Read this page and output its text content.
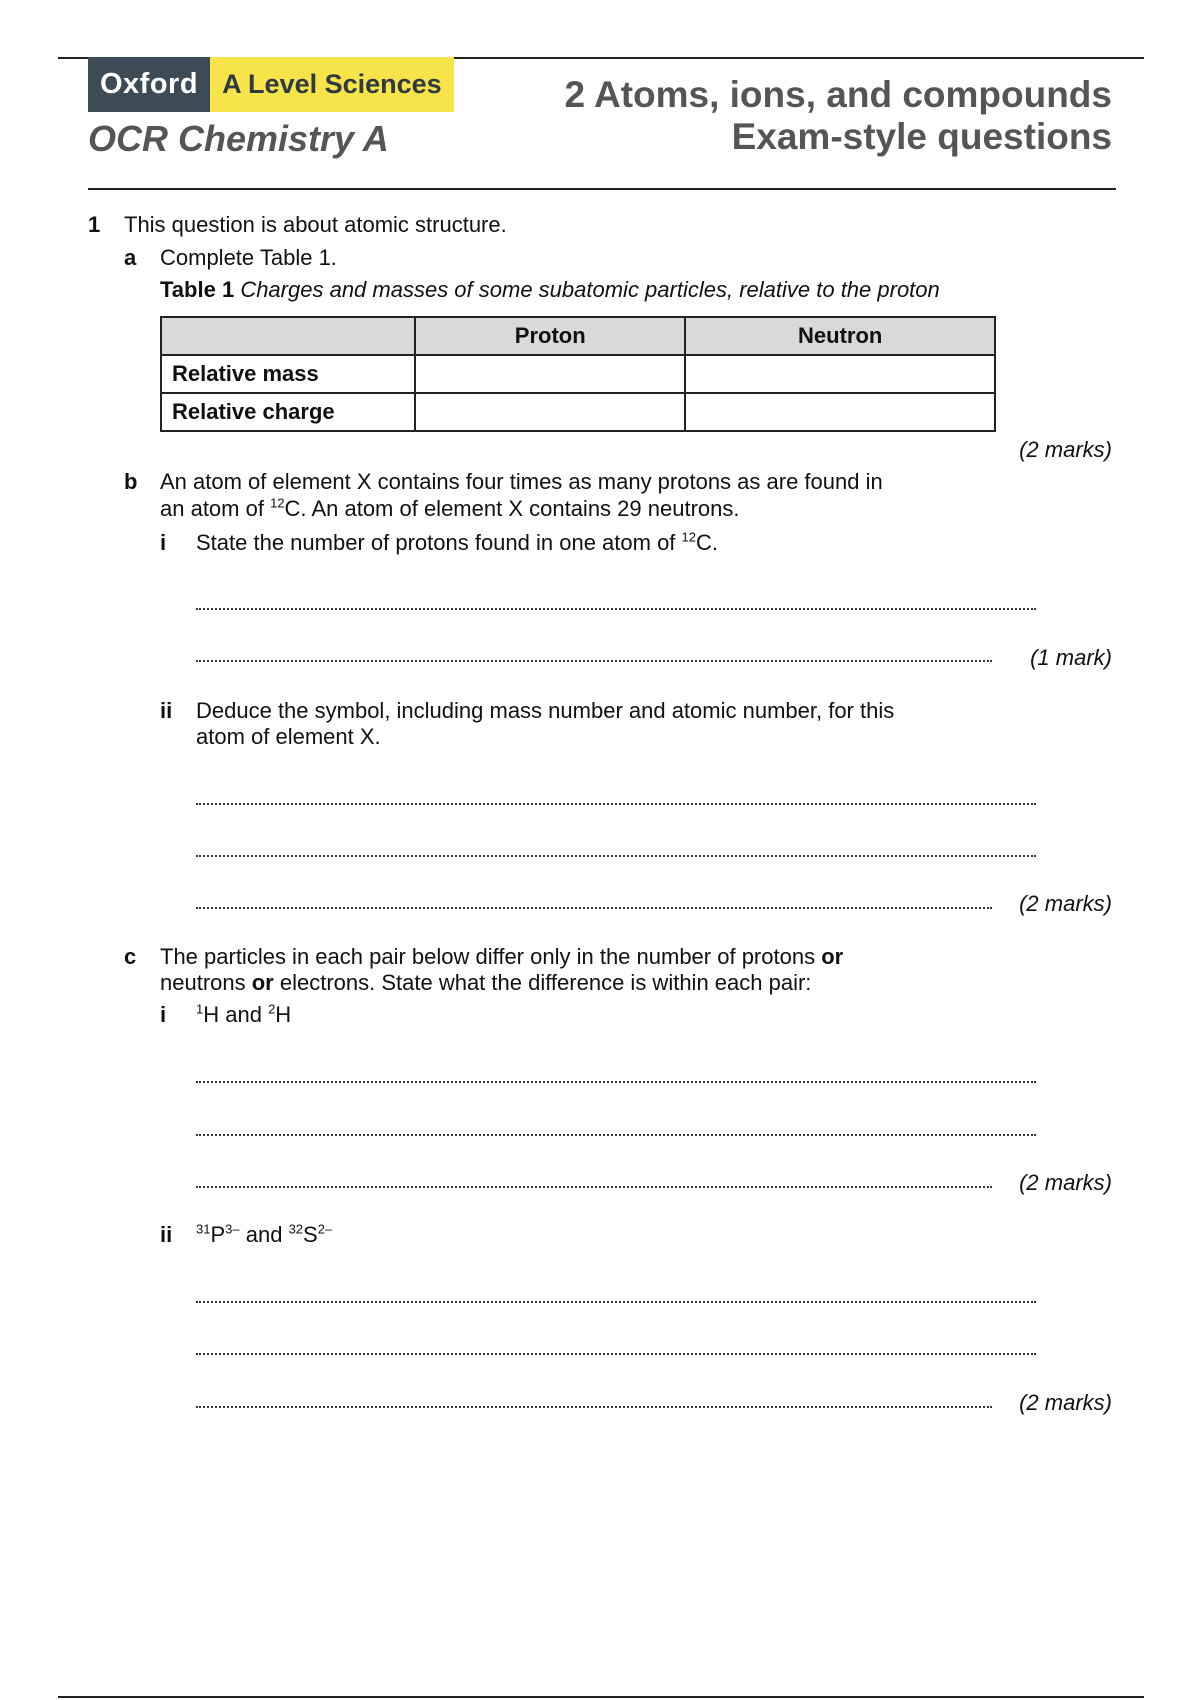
Oxford A Level Sciences
OCR Chemistry A
2 Atoms, ions, and compounds
Exam-style questions
1 This question is about atomic structure.
a Complete Table 1.
Table 1 Charges and masses of some subatomic particles, relative to the proton
	Proton	Neutron
Relative mass		
Relative charge		
(2 marks)
b An atom of element X contains four times as many protons as are found in
an atom of $^{12}$C. An atom of element X contains 29 neutrons.
i State the number of protons found in one atom of $^{12}$C.
(1 mark)
ii Deduce the symbol, including mass number and atomic number, for this
atom of element X.
(2 marks)
c The particles in each pair below differ only in the number of protons or
neutrons or electrons. State what the difference is within each pair:
i $^1$H and $^2$H
(2 marks)
ii $^{31}P^{3-}$ and $^{32}S^{2-}$
(2 marks)
